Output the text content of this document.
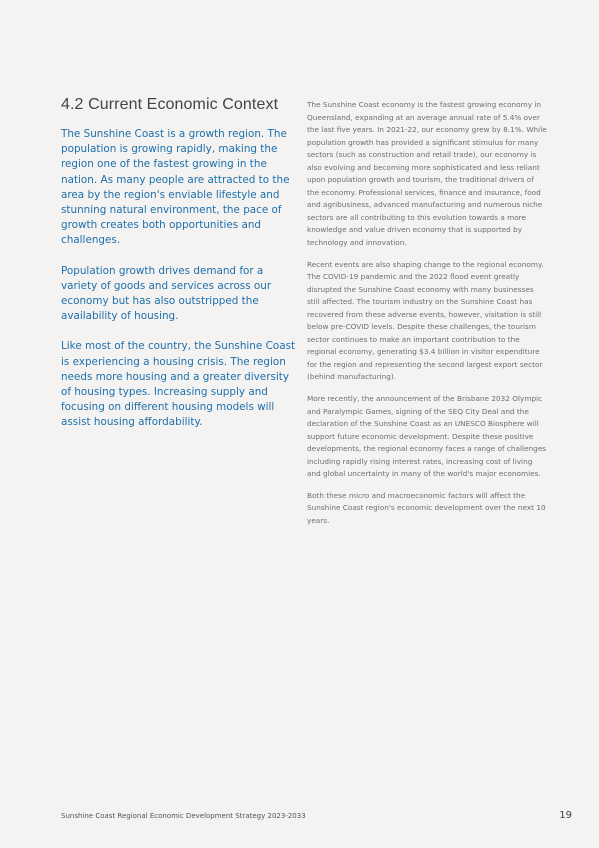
4.2 Current Economic Context

The Sunshine Coast is a growth region. The population is growing rapidly, making the region one of the fastest growing in the nation. As many people are attracted to the area by the region's enviable lifestyle and stunning natural environment, the pace of growth creates both opportunities and challenges.

Population growth drives demand for a variety of goods and services across our economy but has also outstripped the availability of housing.

Like most of the country, the Sunshine Coast is experiencing a housing crisis. The region needs more housing and a greater diversity of housing types. Increasing supply and focusing on different housing models will assist housing affordability.

The Sunshine Coast economy is the fastest growing economy in Queensland, expanding at an average annual rate of 5.4% over the last five years. In 2021-22, our economy grew by 8.1%. While population growth has provided a significant stimulus for many sectors (such as construction and retail trade), our economy is also evolving and becoming more sophisticated and less reliant upon population growth and tourism, the traditional drivers of the economy. Professional services, finance and insurance, food and agribusiness, advanced manufacturing and numerous niche sectors are all contributing to this evolution towards a more knowledge and value driven economy that is supported by technology and innovation.

Recent events are also shaping change to the regional economy. The COVID-19 pandemic and the 2022 flood event greatly disrupted the Sunshine Coast economy with many businesses still affected. The tourism industry on the Sunshine Coast has recovered from these adverse events, however, visitation is still below pre-COVID levels. Despite these challenges, the tourism sector continues to make an important contribution to the regional economy, generating $3.4 billion in visitor expenditure for the region and representing the second largest export sector (behind manufacturing).

More recently, the announcement of the Brisbane 2032 Olympic and Paralympic Games, signing of the SEQ City Deal and the declaration of the Sunshine Coast as an UNESCO Biosphere will support future economic development. Despite these positive developments, the regional economy faces a range of challenges including rapidly rising interest rates, increasing cost of living and global uncertainty in many of the world's major economies.

Both these micro and macroeconomic factors will affect the Sunshine Coast region's economic development over the next 10 years.

Sunshine Coast Regional Economic Development Strategy 2023-2033	19
